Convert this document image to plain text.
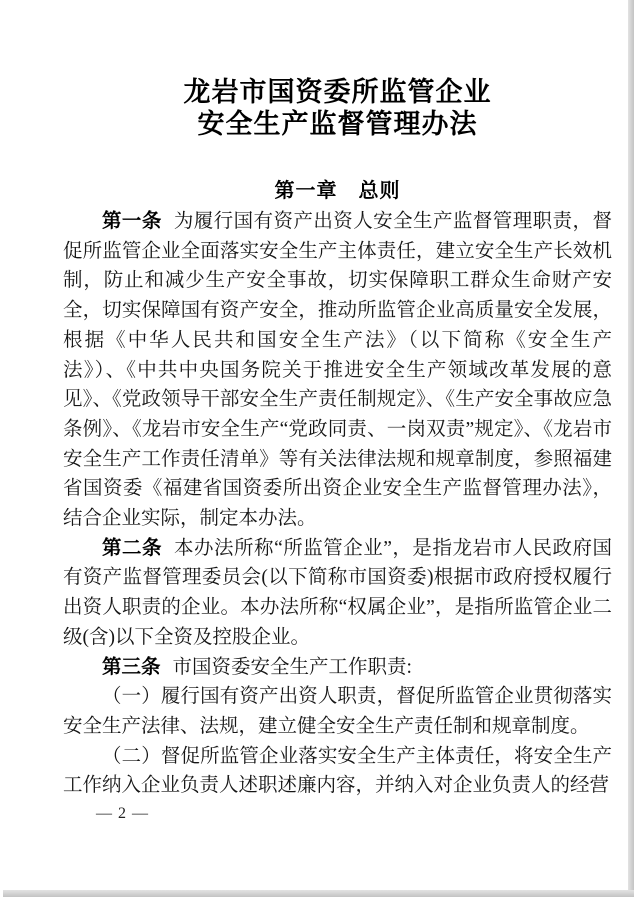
龙岩市国资委所监管企业
安全生产监督管理办法
第一章　总则

第一条 为履行国有资产出资人安全生产监督管理职责，督促所监管企业全面落实安全生产主体责任，建立安全生产长效机制，防止和减少生产安全事故，切实保障职工群众生命财产安全，切实保障国有资产安全，推动所监管企业高质量安全发展，根据《中华人民共和国安全生产法》（以下简称《安全生产法》）、《中共中央国务院关于推进安全生产领域改革发展的意见》、《党政领导干部安全生产责任制规定》、《生产安全事故应急条例》、《龙岩市安全生产“党政同责、一岗双责”规定》、《龙岩市安全生产工作责任清单》等有关法律法规和规章制度，参照福建省国资委《福建省国资委所出资企业安全生产监督管理办法》，结合企业实际，制定本办法。

第二条 本办法所称“所监管企业”，是指龙岩市人民政府国有资产监督管理委员会(以下简称市国资委)根据市政府授权履行出资人职责的企业。本办法所称“权属企业”，是指所监管企业二级(含)以下全资及控股企业。

第三条 市国资委安全生产工作职责:

（一）履行国有资产出资人职责，督促所监管企业贯彻落实安全生产法律、法规，建立健全安全生产责任制和规章制度。

（二）督促所监管企业落实安全生产主体责任，将安全生产工作纳入企业负责人述职述廉内容，并纳入对企业负责人的经营

— 2 —
